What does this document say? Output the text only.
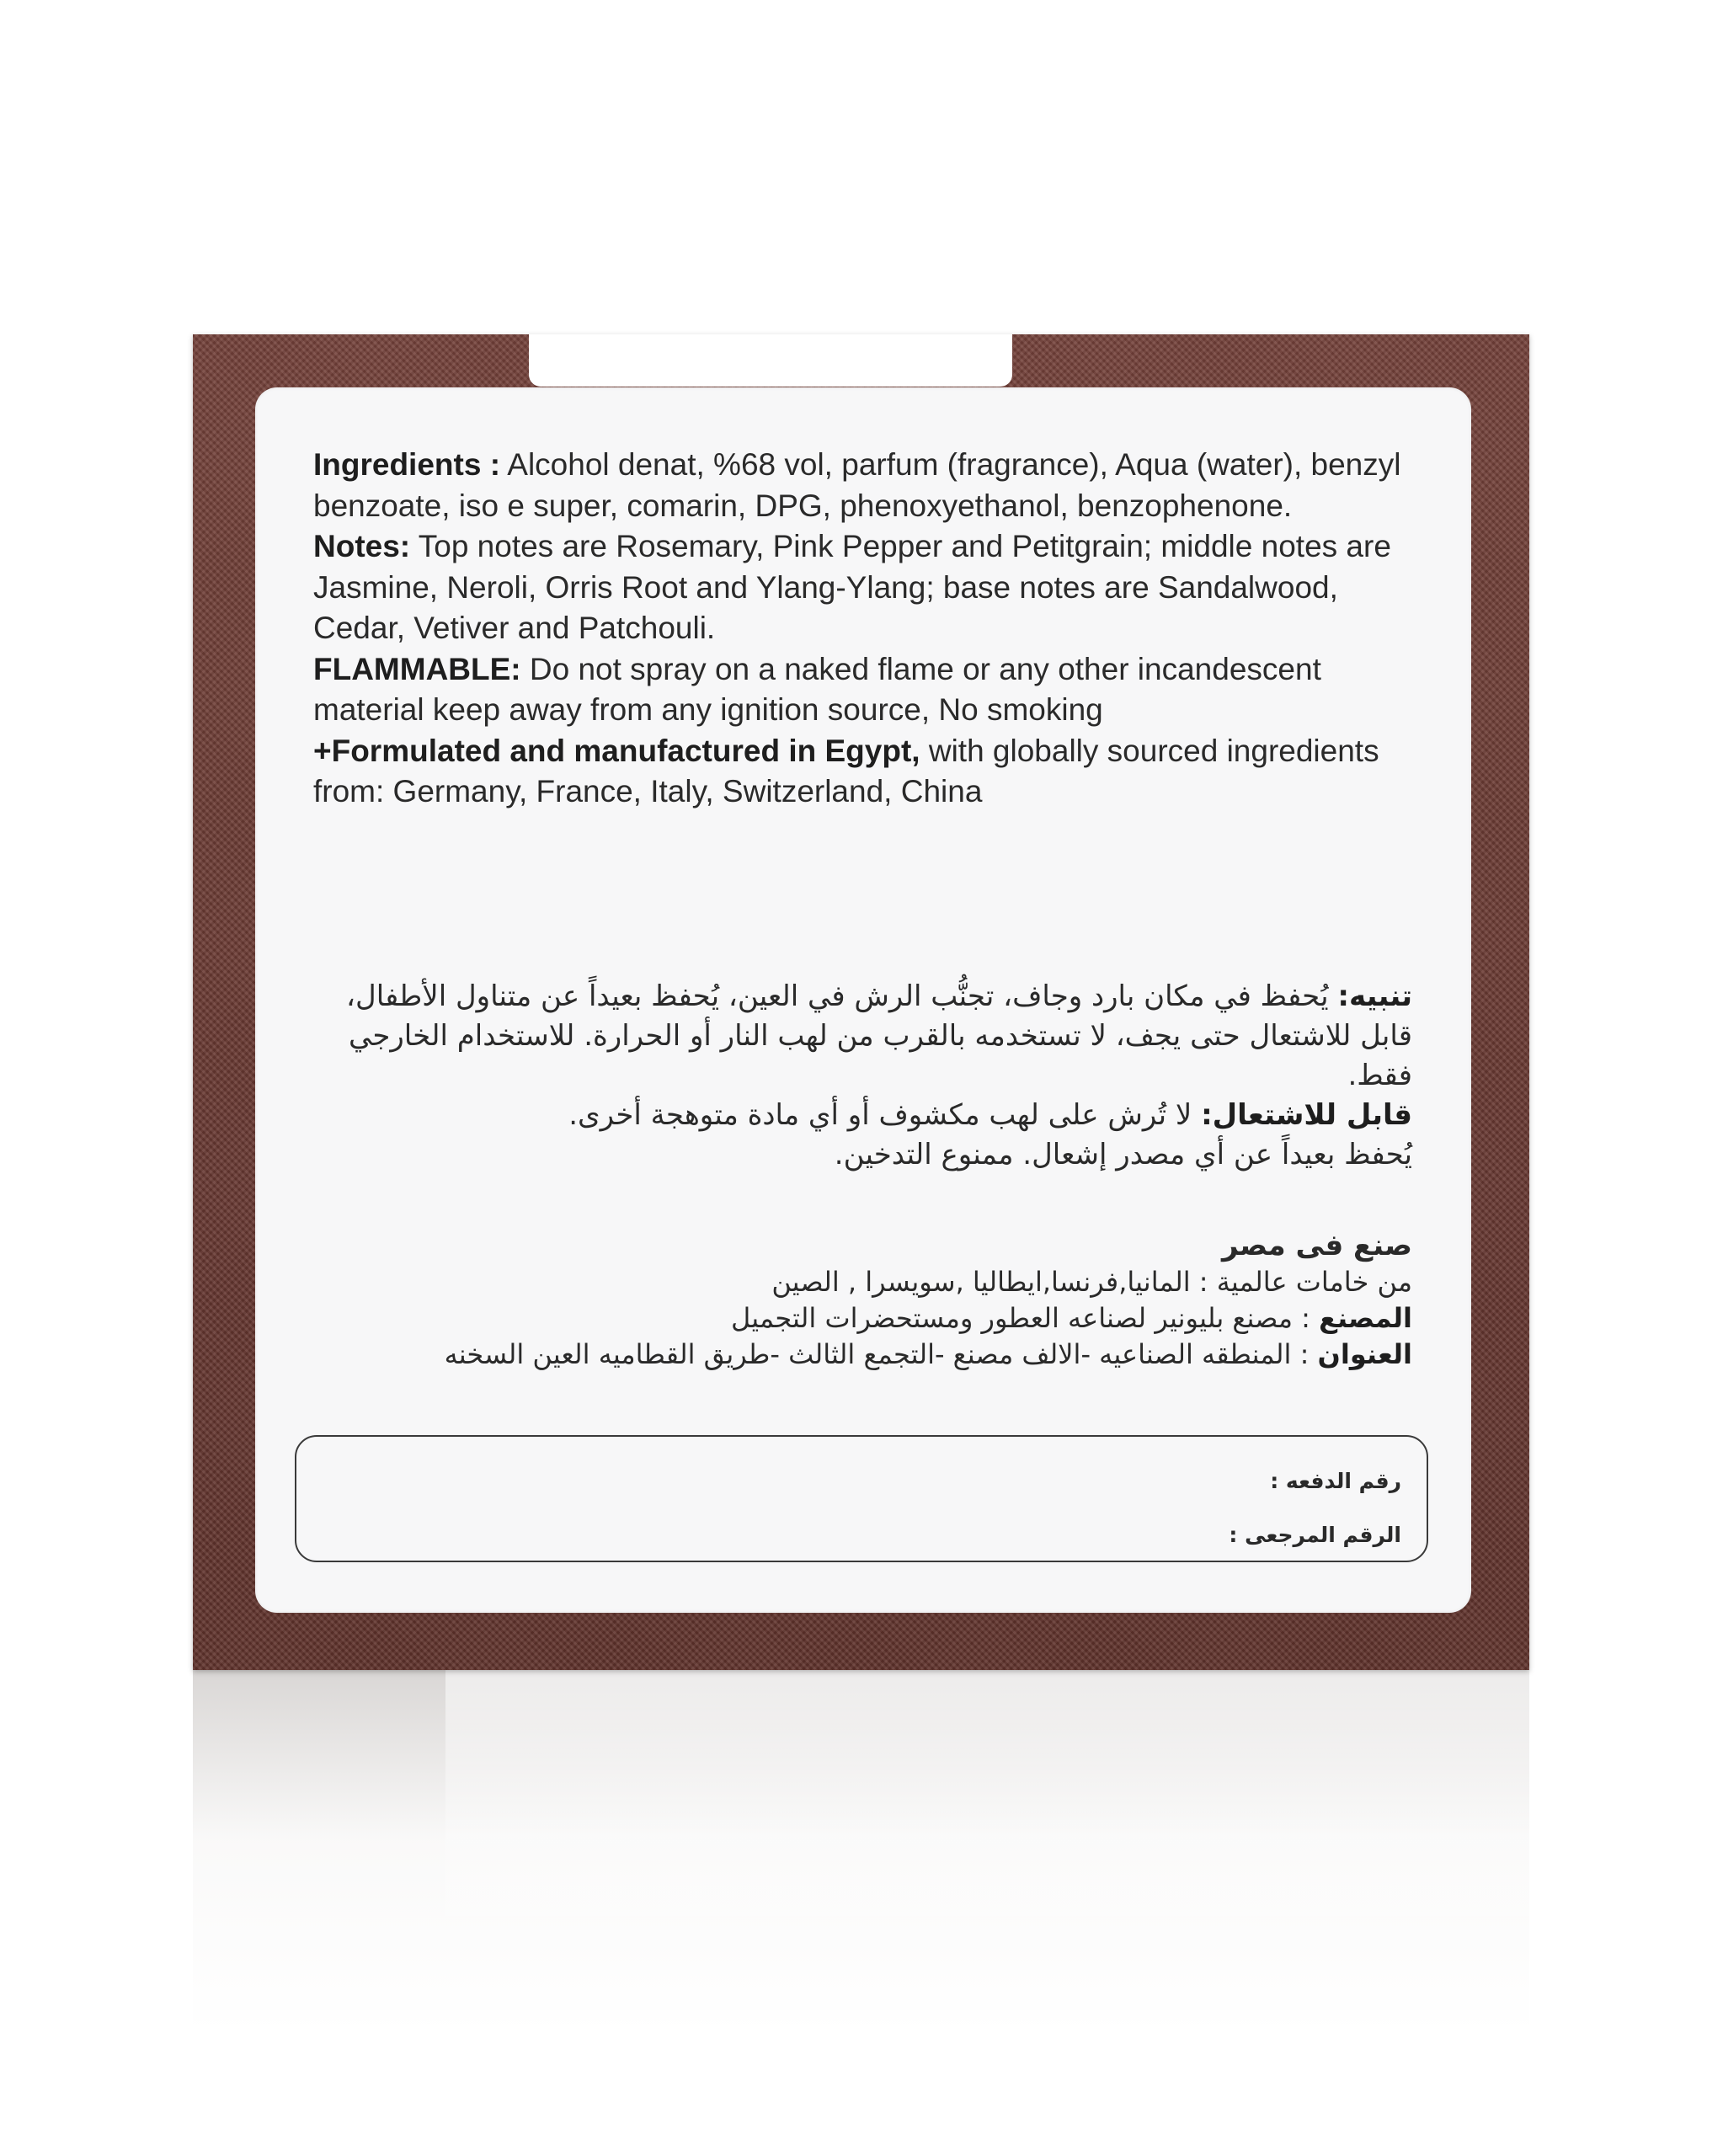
Ingredients : Alcohol denat, %68 vol, parfum (fragrance), Aqua (water), benzyl benzoate, iso e super, comarin, DPG, phenoxyethanol, benzophenone.

Notes: Top notes are Rosemary, Pink Pepper and Petitgrain; middle notes are Jasmine, Neroli, Orris Root and Ylang-Ylang; base notes are Sandalwood, Cedar, Vetiver and Patchouli.

FLAMMABLE: Do not spray on a naked flame or any other incandescent material keep away from any ignition source, No smoking

+Formulated and manufactured in Egypt, with globally sourced ingredients from: Germany, France, Italy, Switzerland, China

تنبيه: يُحفظ في مكان بارد وجاف، تجنُّب الرش في العين، يُحفظ بعيداً عن متناول الأطفال، قابل للاشتعال حتى يجف، لا تستخدمه بالقرب من لهب النار أو الحرارة. للاستخدام الخارجي فقط.

قابل للاشتعال: لا تُرش على لهب مكشوف أو أي مادة متوهجة أخرى.

يُحفظ بعيداً عن أي مصدر إشعال. ممنوع التدخين.

صنع فى مصر

من خامات عالمية : المانيا,فرنسا,ايطاليا ,سويسرا , الصين

المصنع : مصنع بليونير لصناعه العطور ومستحضرات التجميل

العنوان : المنطقه الصناعيه -الالف مصنع -التجمع الثالث -طريق القطاميه العين السخنه

رقم الدفعه :
الرقم المرجعى :
